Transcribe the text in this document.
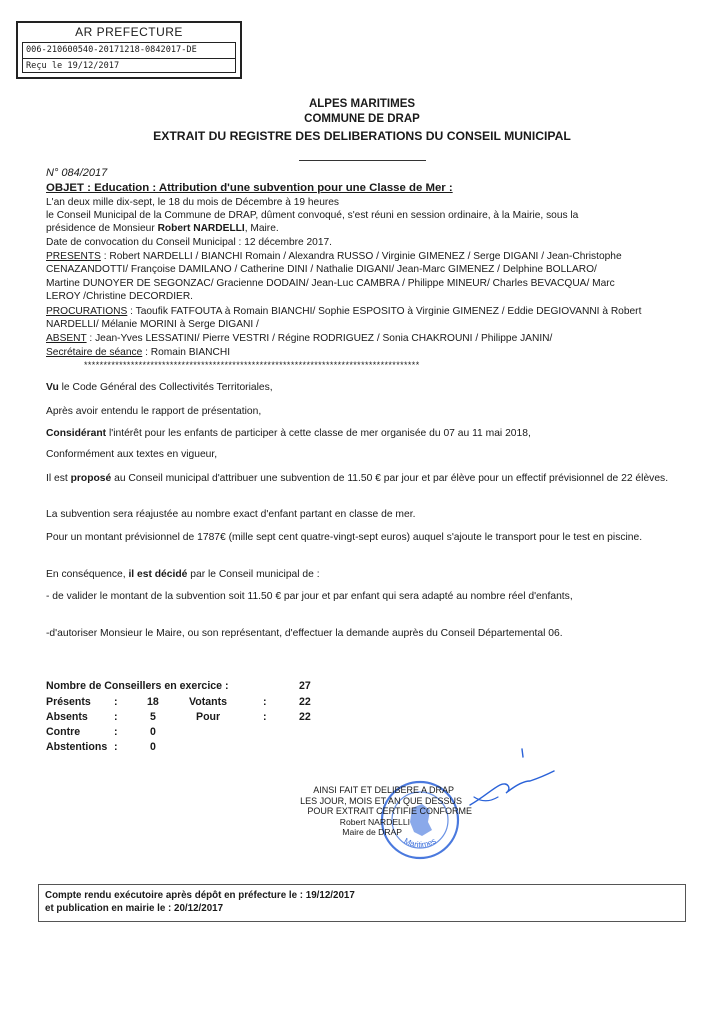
AR PREFECTURE
006-210600540-20171218-0842017-DE
Reçu le 19/12/2017
ALPES MARITIMES
COMMUNE DE DRAP
EXTRAIT DU REGISTRE DES DELIBERATIONS DU CONSEIL MUNICIPAL
N° 084/2017
OBJET : Education : Attribution d'une subvention pour une Classe de Mer :
L'an deux mille dix-sept, le 18 du mois de Décembre à 19 heures
le Conseil Municipal de la Commune de DRAP, dûment convoqué, s'est réuni en session ordinaire, à la Mairie, sous la
présidence de Monsieur Robert NARDELLI, Maire.
Date de convocation du Conseil Municipal : 12 décembre 2017.
PRESENTS : Robert NARDELLI / BIANCHI Romain / Alexandra RUSSO / Virginie GIMENEZ / Serge DIGANI / Jean-Christophe
CENAZANDOTTI/ Françoise DAMILANO / Catherine DINI / Nathalie DIGANI/ Jean-Marc GIMENEZ / Delphine BOLLARO/
Martine DUNOYER DE SEGONZAC/ Gracienne DODAIN/ Jean-Luc CAMBRA / Philippe MINEUR/ Charles BEVACQUA/ Marc
LEROY /Christine DECORDIER.
PROCURATIONS : Taoufik FATFOUTA à Romain BIANCHI/ Sophie ESPOSITO à Virginie GIMENEZ / Eddie DEGIOVANNI à Robert
NARDELLI/ Mélanie MORINI à Serge DIGANI /
ABSENT : Jean-Yves LESSATINI/ Pierre VESTRI / Régine RODRIGUEZ / Sonia CHAKROUNI / Philippe JANIN/
Secrétaire de séance : Romain BIANCHI
**************************************************************************************
Vu le Code Général des Collectivités Territoriales,
Après avoir entendu le rapport de présentation,
Considérant l'intérêt pour les enfants de participer à cette classe de mer organisée du 07 au 11 mai 2018,
Conformément aux textes en vigueur,
Il est proposé au Conseil municipal d'attribuer une subvention de 11.50 € par jour et par élève pour un effectif prévisionnel de 22 élèves.
La subvention sera réajustée au nombre exact d'enfant partant en classe de mer.
Pour un montant prévisionnel de 1787€ (mille sept cent quatre-vingt-sept euros) auquel s'ajoute le transport pour le test en piscine.
En conséquence, il est décidé par le Conseil municipal de :
- de valider le montant de la subvention soit 11.50 € par jour et par enfant qui sera adapté au nombre réel d'enfants,
-d'autoriser Monsieur le Maire, ou son représentant, d'effectuer la demande auprès du Conseil Départemental 06.
Nombre de Conseillers en exercice :	27
Présents :	18	Votants	:	22
Absents :	5	Pour	:	22
Contre	:	0
Abstentions :	0
Maritimes
AINSI FAIT ET DELIBERE A DRAP
LES JOUR, MOIS ET AN QUE DESSUS
POUR EXTRAIT CERTIFIE CONFORME
Robert NARDELLI
Maire de DRAP
Compte rendu exécutoire après dépôt en préfecture le : 19/12/2017
et publication en mairie le : 20/12/2017
